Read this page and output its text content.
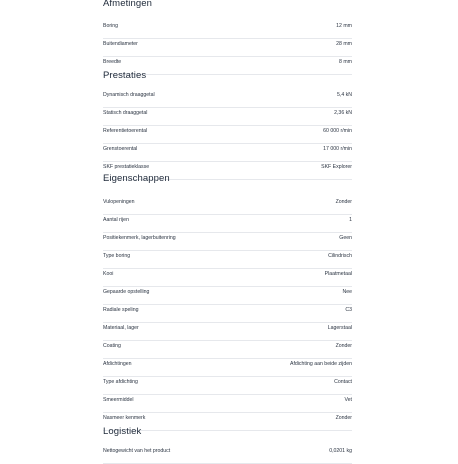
Afmetingen
Boring	12 mm
Buitendiameter	28 mm
Breedte	8 mm
Prestaties
Dynamisch draaggetal	5,4 kN
Statisch draaggetal	2,36 kN
Referentietoerental	60 000 r/min
Grenstoerental	17 000 r/min
SKF prestatieklasse	SKF Explorer
Eigenschappen
Vulopeningen	Zonder
Aantal rijen	1
Positiekenmerk, lagerbuitenring	Geen
Type boring	Cilindrisch
Kooi	Plaatmetaal
Gepaarde opstelling	Nee
Radiale speling	C3
Materiaal, lager	Lagerstaal
Coating	Zonder
Afdichtingen	Afdichting aan beide zijden
Type afdichting	Contact
Smeermiddel	Vet
Nasmeer kenmerk	Zonder
Logistiek
Nettogewicht van het product	0,0201 kg
